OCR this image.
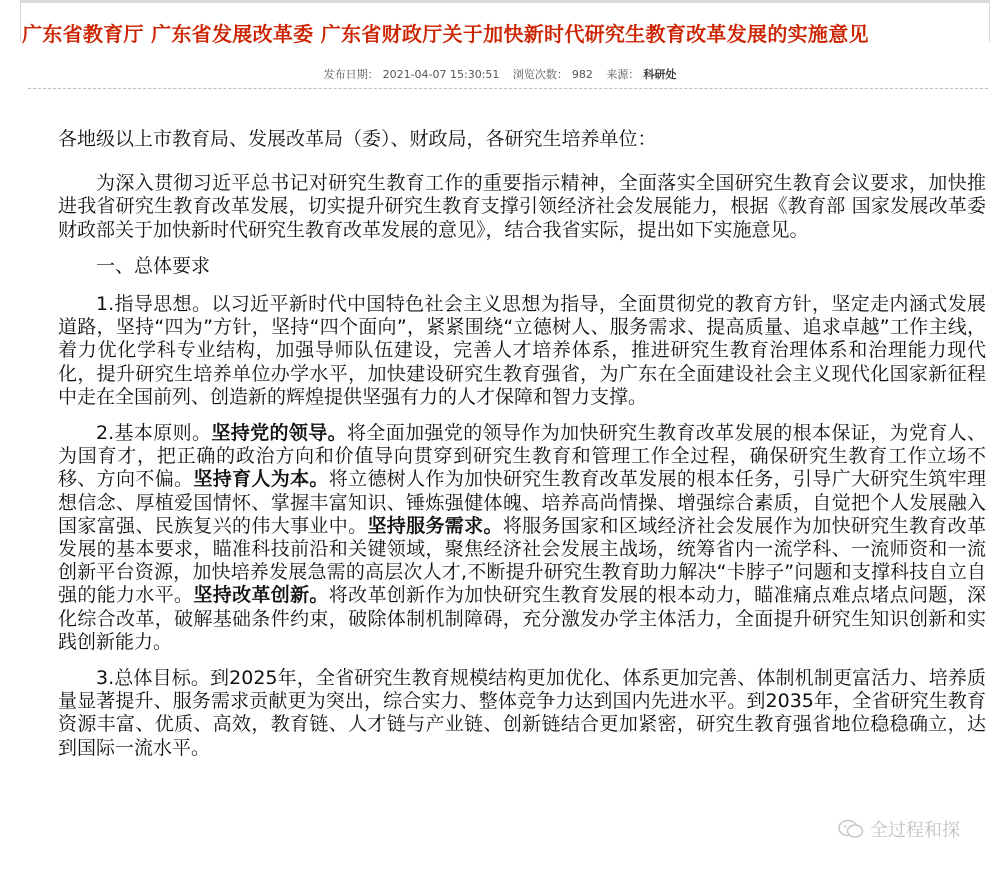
广东省教育厅 广东省发展改革委 广东省财政厅关于加快新时代研究生教育改革发展的实施意见
发布日期： 2021-04-07 15:30:51 浏览次数： 982 来源： 科研处

各地级以上市教育局、发展改革局（委）、财政局，各研究生培养单位：

为深入贯彻习近平总书记对研究生教育工作的重要指示精神，全面落实全国研究生教育会议要求，加快推进我省研究生教育改革发展，切实提升研究生教育支撑引领经济社会发展能力，根据《教育部 国家发展改革委 财政部关于加快新时代研究生教育改革发展的意见》，结合我省实际，提出如下实施意见。

一、总体要求

1.指导思想。以习近平新时代中国特色社会主义思想为指导，全面贯彻党的教育方针，坚定走内涵式发展道路，坚持“四为”方针，坚持“四个面向”，紧紧围绕“立德树人、服务需求、提高质量、追求卓越”工作主线，着力优化学科专业结构，加强导师队伍建设，完善人才培养体系，推进研究生教育治理体系和治理能力现代化，提升研究生培养单位办学水平，加快建设研究生教育强省，为广东在全面建设社会主义现代化国家新征程中走在全国前列、创造新的辉煌提供坚强有力的人才保障和智力支撑。

2.基本原则。坚持党的领导。将全面加强党的领导作为加快研究生教育改革发展的根本保证，为党育人、为国育才，把正确的政治方向和价值导向贯穿到研究生教育和管理工作全过程，确保研究生教育工作立场不移、方向不偏。坚持育人为本。将立德树人作为加快研究生教育改革发展的根本任务，引导广大研究生筑牢理想信念、厚植爱国情怀、掌握丰富知识、锤炼强健体魄、培养高尚情操、增强综合素质，自觉把个人发展融入国家富强、民族复兴的伟大事业中。坚持服务需求。将服务国家和区域经济社会发展作为加快研究生教育改革发展的基本要求，瞄准科技前沿和关键领域，聚焦经济社会发展主战场，统筹省内一流学科、一流师资和一流创新平台资源，加快培养发展急需的高层次人才,不断提升研究生教育助力解决“卡脖子”问题和支撑科技自立自强的能力水平。坚持改革创新。将改革创新作为加快研究生教育发展的根本动力，瞄准痛点难点堵点问题，深化综合改革，破解基础条件约束，破除体制机制障碍，充分激发办学主体活力，全面提升研究生知识创新和实践创新能力。

3.总体目标。到2025年，全省研究生教育规模结构更加优化、体系更加完善、体制机制更富活力、培养质量显著提升、服务需求贡献更为突出，综合实力、整体竞争力达到国内先进水平。到2035年，全省研究生教育资源丰富、优质、高效，教育链、人才链与产业链、创新链结合更加紧密，研究生教育强省地位稳稳确立，达到国际一流水平。

全过程和探
